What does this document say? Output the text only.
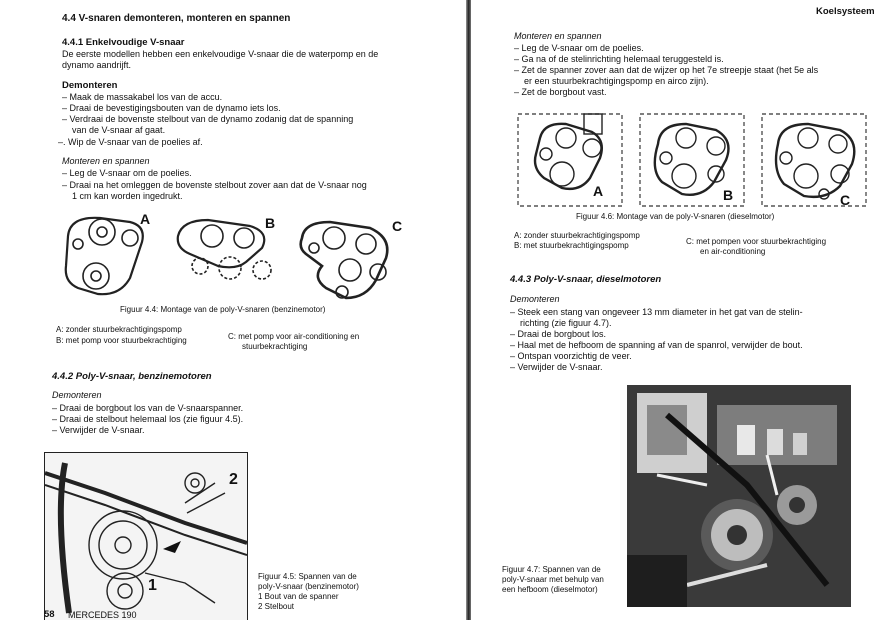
4.4 V-snaren demonteren, monteren en spannen
4.4.1 Enkelvoudige V-snaar
De eerste modellen hebben een enkelvoudige V-snaar die de waterpomp en de
dynamo aandrijft.
Demonteren
– Maak de massakabel los van de accu.
– Draai de bevestigingsbouten van de dynamo iets los.
– Verdraai de bovenste stelbout van de dynamo zodanig dat de spanning
van de V-snaar af gaat.
–. Wip de V-snaar van de poelies af.
Monteren en spannen
– Leg de V-snaar om de poelies.
– Draai na het omleggen de bovenste stelbout zover aan dat de V-snaar nog
1 cm kan worden ingedrukt.
A	B	C
Figuur 4.4: Montage van de poly-V-snaren (benzinemotor)
A: zonder stuurbekrachtigingspomp
B: met pomp voor stuurbekrachtiging	C: met pomp voor air-conditioning en
stuurbekrachtiging
4.4.2 Poly-V-snaar, benzinemotoren
Demonteren
– Draai de borgbout los van de V-snaarspanner.
– Draai de stelbout helemaal los (zie figuur 4.5).
– Verwijder de V-snaar.
2
1
Figuur 4.5: Spannen van de
poly-V-snaar (benzinemotor)
1 Bout van de spanner
2 Stelbout
58 MERCEDES 190
Koelsysteem
Monteren en spannen
– Leg de V-snaar om de poelies.
– Ga na of de stelinrichting helemaal teruggesteld is.
– Zet de spanner zover aan dat de wijzer op het 7e streepje staat (het 5e als
er een stuurbekrachtigingspomp en airco zijn).
– Zet de borgbout vast.
A	B	C
Figuur 4.6: Montage van de poly-V-snaren (dieselmotor)
A: zonder stuurbekrachtigingspomp
B: met stuurbekrachtigingspomp	C: met pompen voor stuurbekrachtiging
en air-conditioning
4.4.3 Poly-V-snaar, dieselmotoren
Demonteren
– Steek een stang van ongeveer 13 mm diameter in het gat van de stelin-
richting (zie figuur 4.7).
– Draai de borgbout los.
– Haal met de hefboom de spanning af van de spanrol, verwijder de bout.
– Ontspan voorzichtig de veer.
– Verwijder de V-snaar.
Figuur 4.7: Spannen van de
poly-V-snaar met behulp van
een hefboom (dieselmotor)
